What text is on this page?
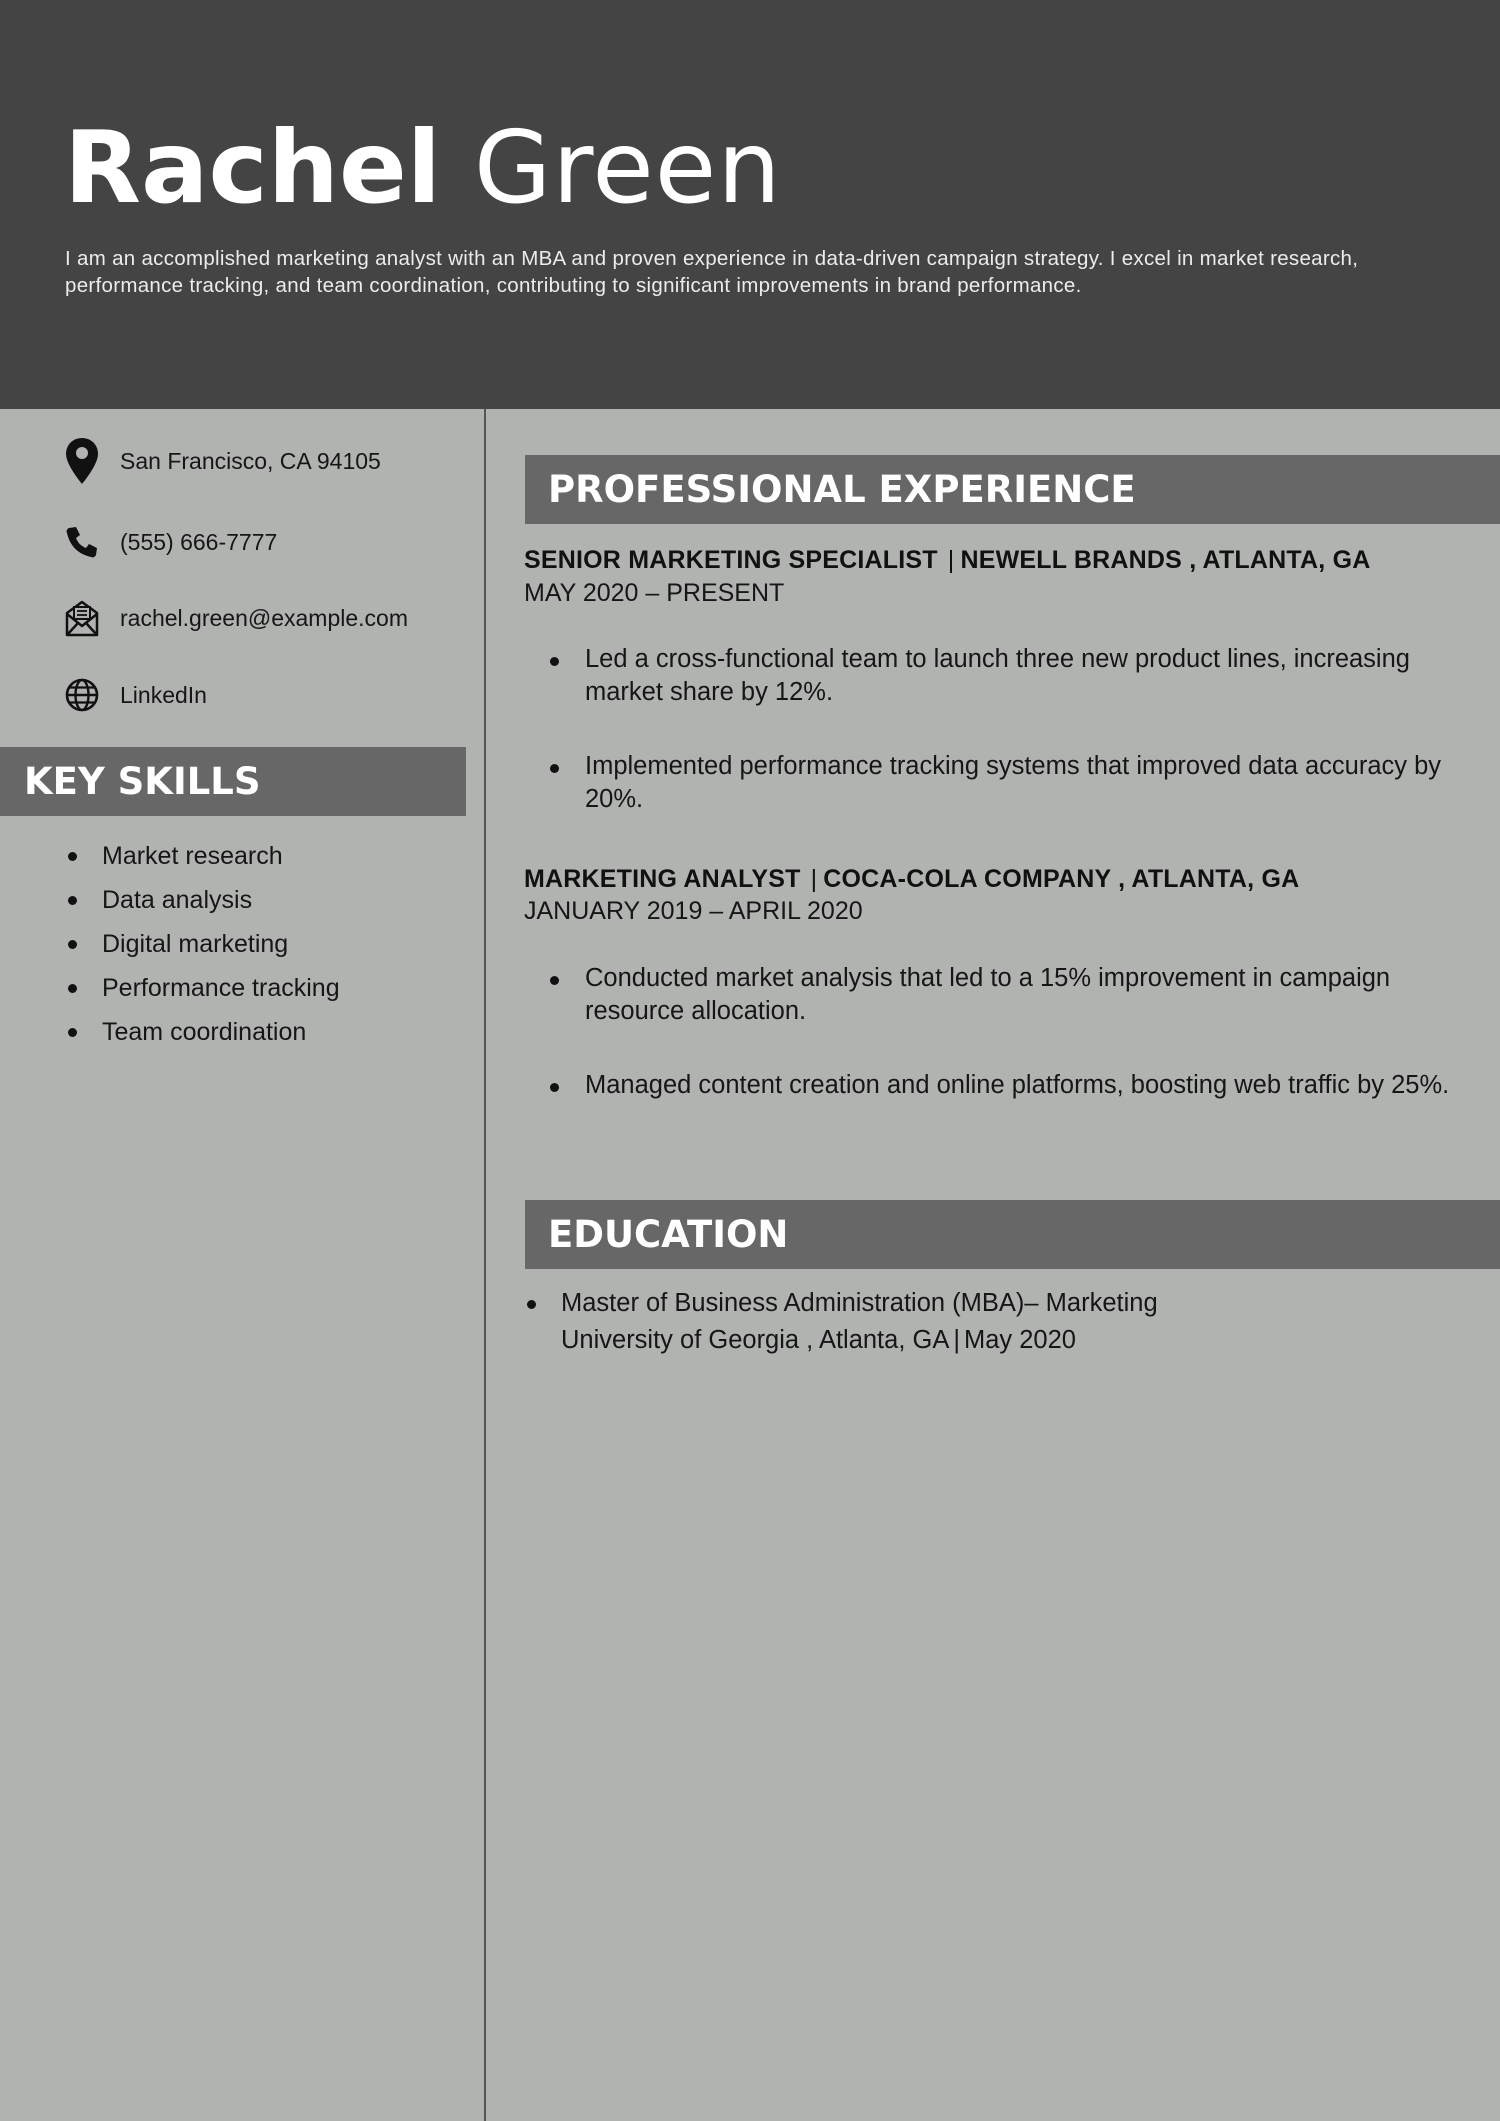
Rachel Green
I am an accomplished marketing analyst with an MBA and proven experience in data-driven campaign strategy. I excel in market research, performance tracking, and team coordination, contributing to significant improvements in brand performance.
San Francisco, CA 94105
(555) 666-7777
rachel.green@example.com
LinkedIn
KEY SKILLS
Market research
Data analysis
Digital marketing
Performance tracking
Team coordination
PROFESSIONAL EXPERIENCE
SENIOR MARKETING SPECIALIST | NEWELL BRANDS , ATLANTA, GA
MAY 2020 – PRESENT
Led a cross-functional team to launch three new product lines, increasing market share by 12%.
Implemented performance tracking systems that improved data accuracy by 20%.
MARKETING ANALYST | COCA-COLA COMPANY , ATLANTA, GA
JANUARY 2019 – APRIL 2020
Conducted market analysis that led to a 15% improvement in campaign resource allocation.
Managed content creation and online platforms, boosting web traffic by 25%.
EDUCATION
Master of Business Administration (MBA)– Marketing
University of Georgia , Atlanta, GA | May 2020
